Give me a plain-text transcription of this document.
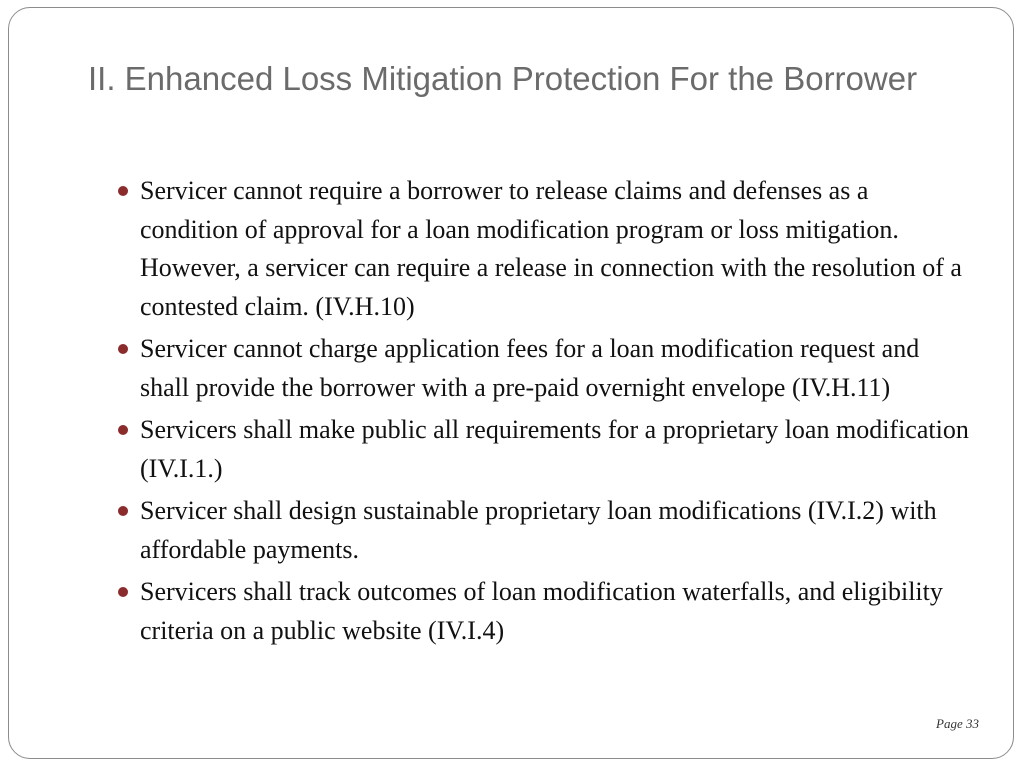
II. Enhanced Loss Mitigation Protection For the Borrower
Servicer cannot require a borrower to release claims and defenses as a condition of approval for a loan modification program or loss mitigation. However, a servicer can require a release in connection with the resolution of a contested claim. (IV.H.10)
Servicer cannot charge application fees for a loan modification request and shall provide the borrower with a pre-paid overnight envelope (IV.H.11)
Servicers shall make public all requirements for a proprietary loan modification (IV.I.1.)
Servicer shall design sustainable proprietary loan modifications (IV.I.2) with affordable payments.
Servicers shall track outcomes of loan modification waterfalls, and eligibility criteria on a public website (IV.I.4)
Page 33
